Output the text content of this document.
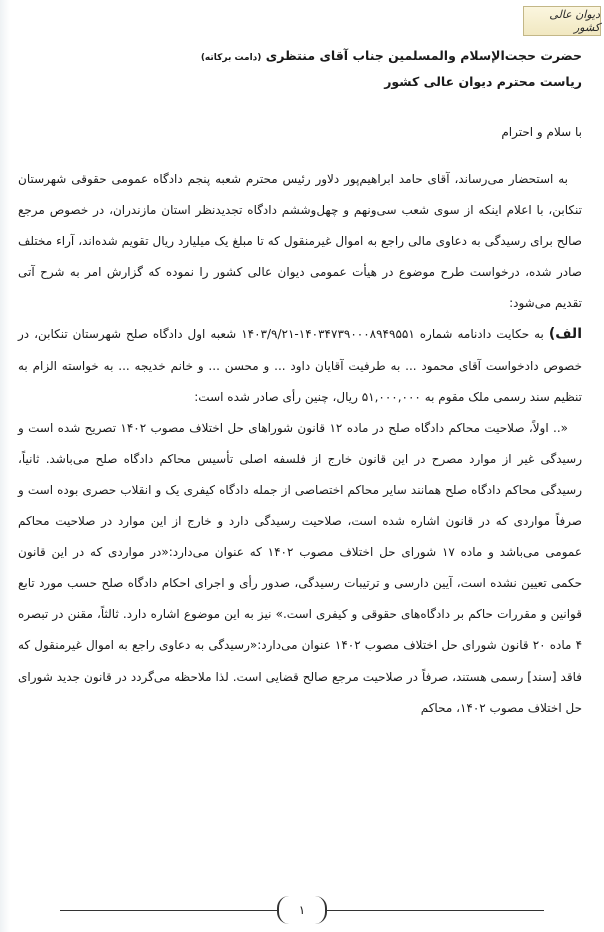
دیوان عالی کشور
حضرت حجت‌الإسلام والمسلمین جناب آقای منتظری (دامت برکاته)
ریاست محترم دیوان عالی کشور
با سلام و احترام

به استحضار می‌رساند، آقای حامد ابراهیم‌پور دلاور رئیس محترم شعبه پنجم دادگاه عمومی حقوقی شهرستان تنکابن، با اعلام اینکه از سوی شعب سی‌ونهم و چهل‌وششم دادگاه تجدیدنظر استان مازندران، در خصوص مرجع صالح برای رسیدگی به دعاوی مالی راجع به اموال غیرمنقول که تا مبلغ یک میلیارد ریال تقویم شده‌اند، آراء مختلف صادر شده، درخواست طرح موضوع در هیأت عمومی دیوان عالی کشور را نموده که گزارش امر به شرح آتی تقدیم می‌شود:

الف) به حکایت دادنامه شماره ۱۴۰۳۴۷۳۹۰۰۰۸۹۴۹۵۵۱-۱۴۰۳/۹/۲۱ شعبه اول دادگاه صلح شهرستان تنکابن، در خصوص دادخواست آقای محمود ... به طرفیت آقایان داود ... و محسن ... و خانم خدیجه ... به خواسته الزام به تنظیم سند رسمی ملک مقوم به ۵۱,۰۰۰,۰۰۰ ریال، چنین رأی صادر شده است:

«.. اولاً، صلاحیت محاکم دادگاه صلح در ماده ۱۲ قانون شوراهای حل اختلاف مصوب ۱۴۰۲ تصریح شده است و رسیدگی غیر از موارد مصرح در این قانون خارج از فلسفه اصلی تأسیس محاکم دادگاه صلح می‌باشد. ثانیاً، رسیدگی محاکم دادگاه صلح همانند سایر محاکم اختصاصی از جمله دادگاه کیفری یک و انقلاب حصری بوده است و صرفاً مواردی که در قانون اشاره شده است، صلاحیت رسیدگی دارد و خارج از این موارد در صلاحیت محاکم عمومی می‌باشد و ماده ۱۷ شورای حل اختلاف مصوب ۱۴۰۲ که عنوان می‌دارد:«در مواردی که در این قانون حکمی تعیین نشده است، آیین دارسی و ترتیبات رسیدگی، صدور رأی و اجرای احکام دادگاه صلح حسب مورد تابع قوانین و مقررات حاکم بر دادگاه‌های حقوقی و کیفری است.» نیز به این موضوع اشاره دارد. ثالثاً، مقنن در تبصره ۴ ماده ۲۰ قانون شورای حل اختلاف مصوب ۱۴۰۲ عنوان می‌دارد:«رسیدگی به دعاوی راجع به اموال غیرمنقول که فاقد [سند] رسمی هستند، صرفاً در صلاحیت مرجع صالح قضایی است. لذا ملاحظه می‌گردد در قانون جدید شورای حل اختلاف مصوب ۱۴۰۲، محاکم

۱
